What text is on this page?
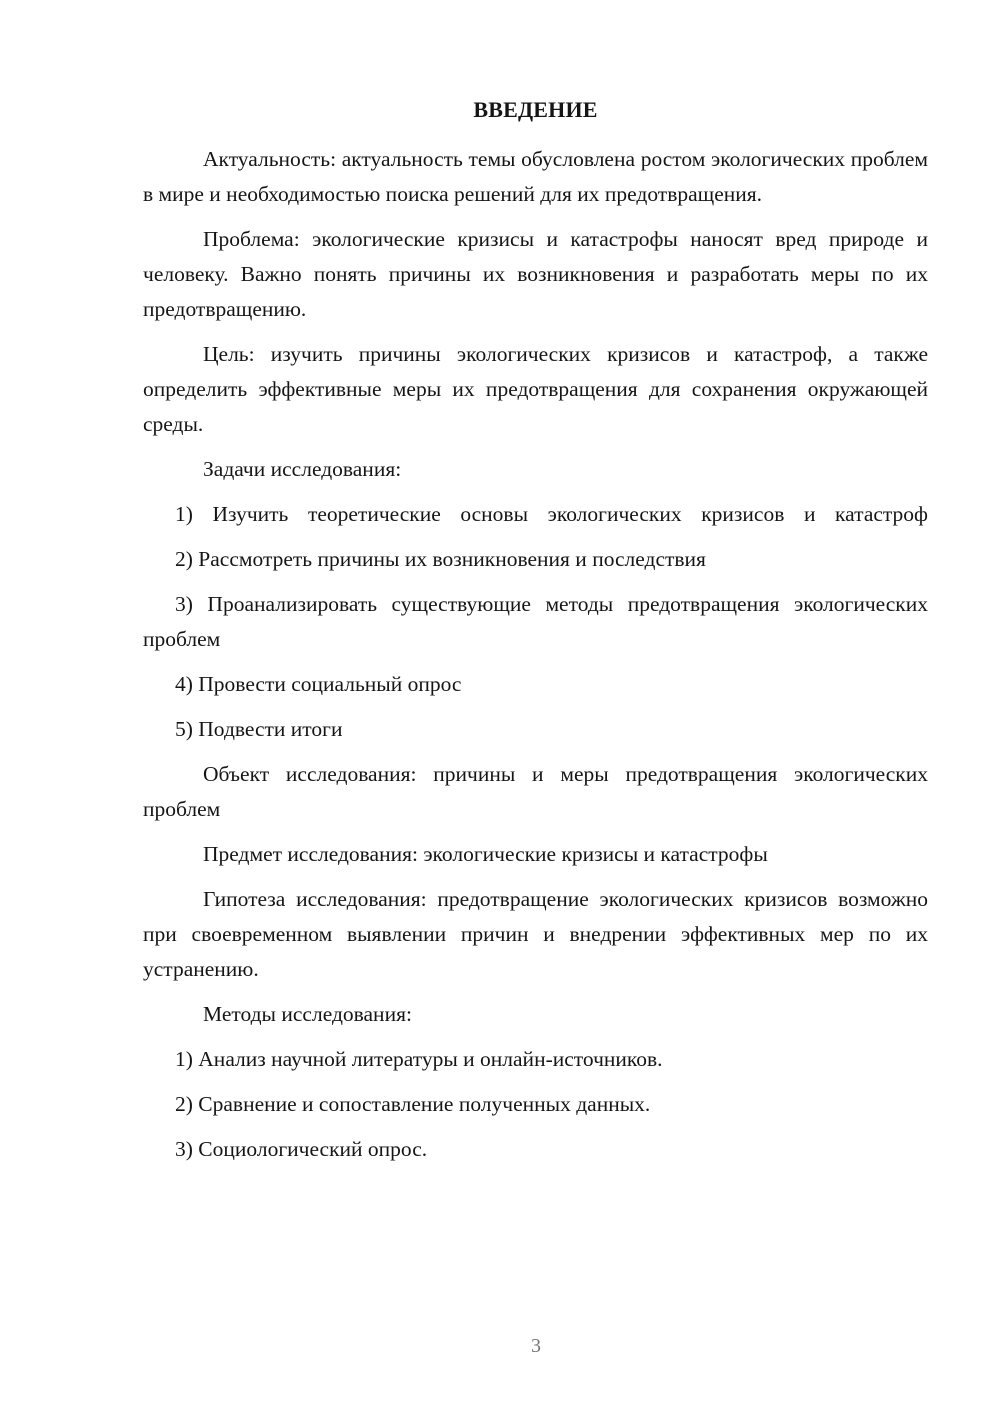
ВВЕДЕНИЕ

Актуальность: актуальность темы обусловлена ростом экологических проблем в мире и необходимостью поиска решений для их предотвращения.

Проблема: экологические кризисы и катастрофы наносят вред природе и человеку. Важно понять причины их возникновения и разработать меры по их предотвращению.

Цель: изучить причины экологических кризисов и катастроф, а также определить эффективные меры их предотвращения для сохранения окружающей среды.

Задачи исследования:

1) Изучить теоретические основы экологических кризисов и катастроф

2) Рассмотреть причины их возникновения и последствия

3) Проанализировать существующие методы предотвращения экологических проблем

4) Провести социальный опрос

5) Подвести итоги

Объект исследования: причины и меры предотвращения экологических проблем

Предмет исследования: экологические кризисы и катастрофы

Гипотеза исследования: предотвращение экологических кризисов возможно при своевременном выявлении причин и внедрении эффективных мер по их устранению.

Методы исследования:

1) Анализ научной литературы и онлайн-источников.

2) Сравнение и сопоставление полученных данных.

3) Социологический опрос.

3
